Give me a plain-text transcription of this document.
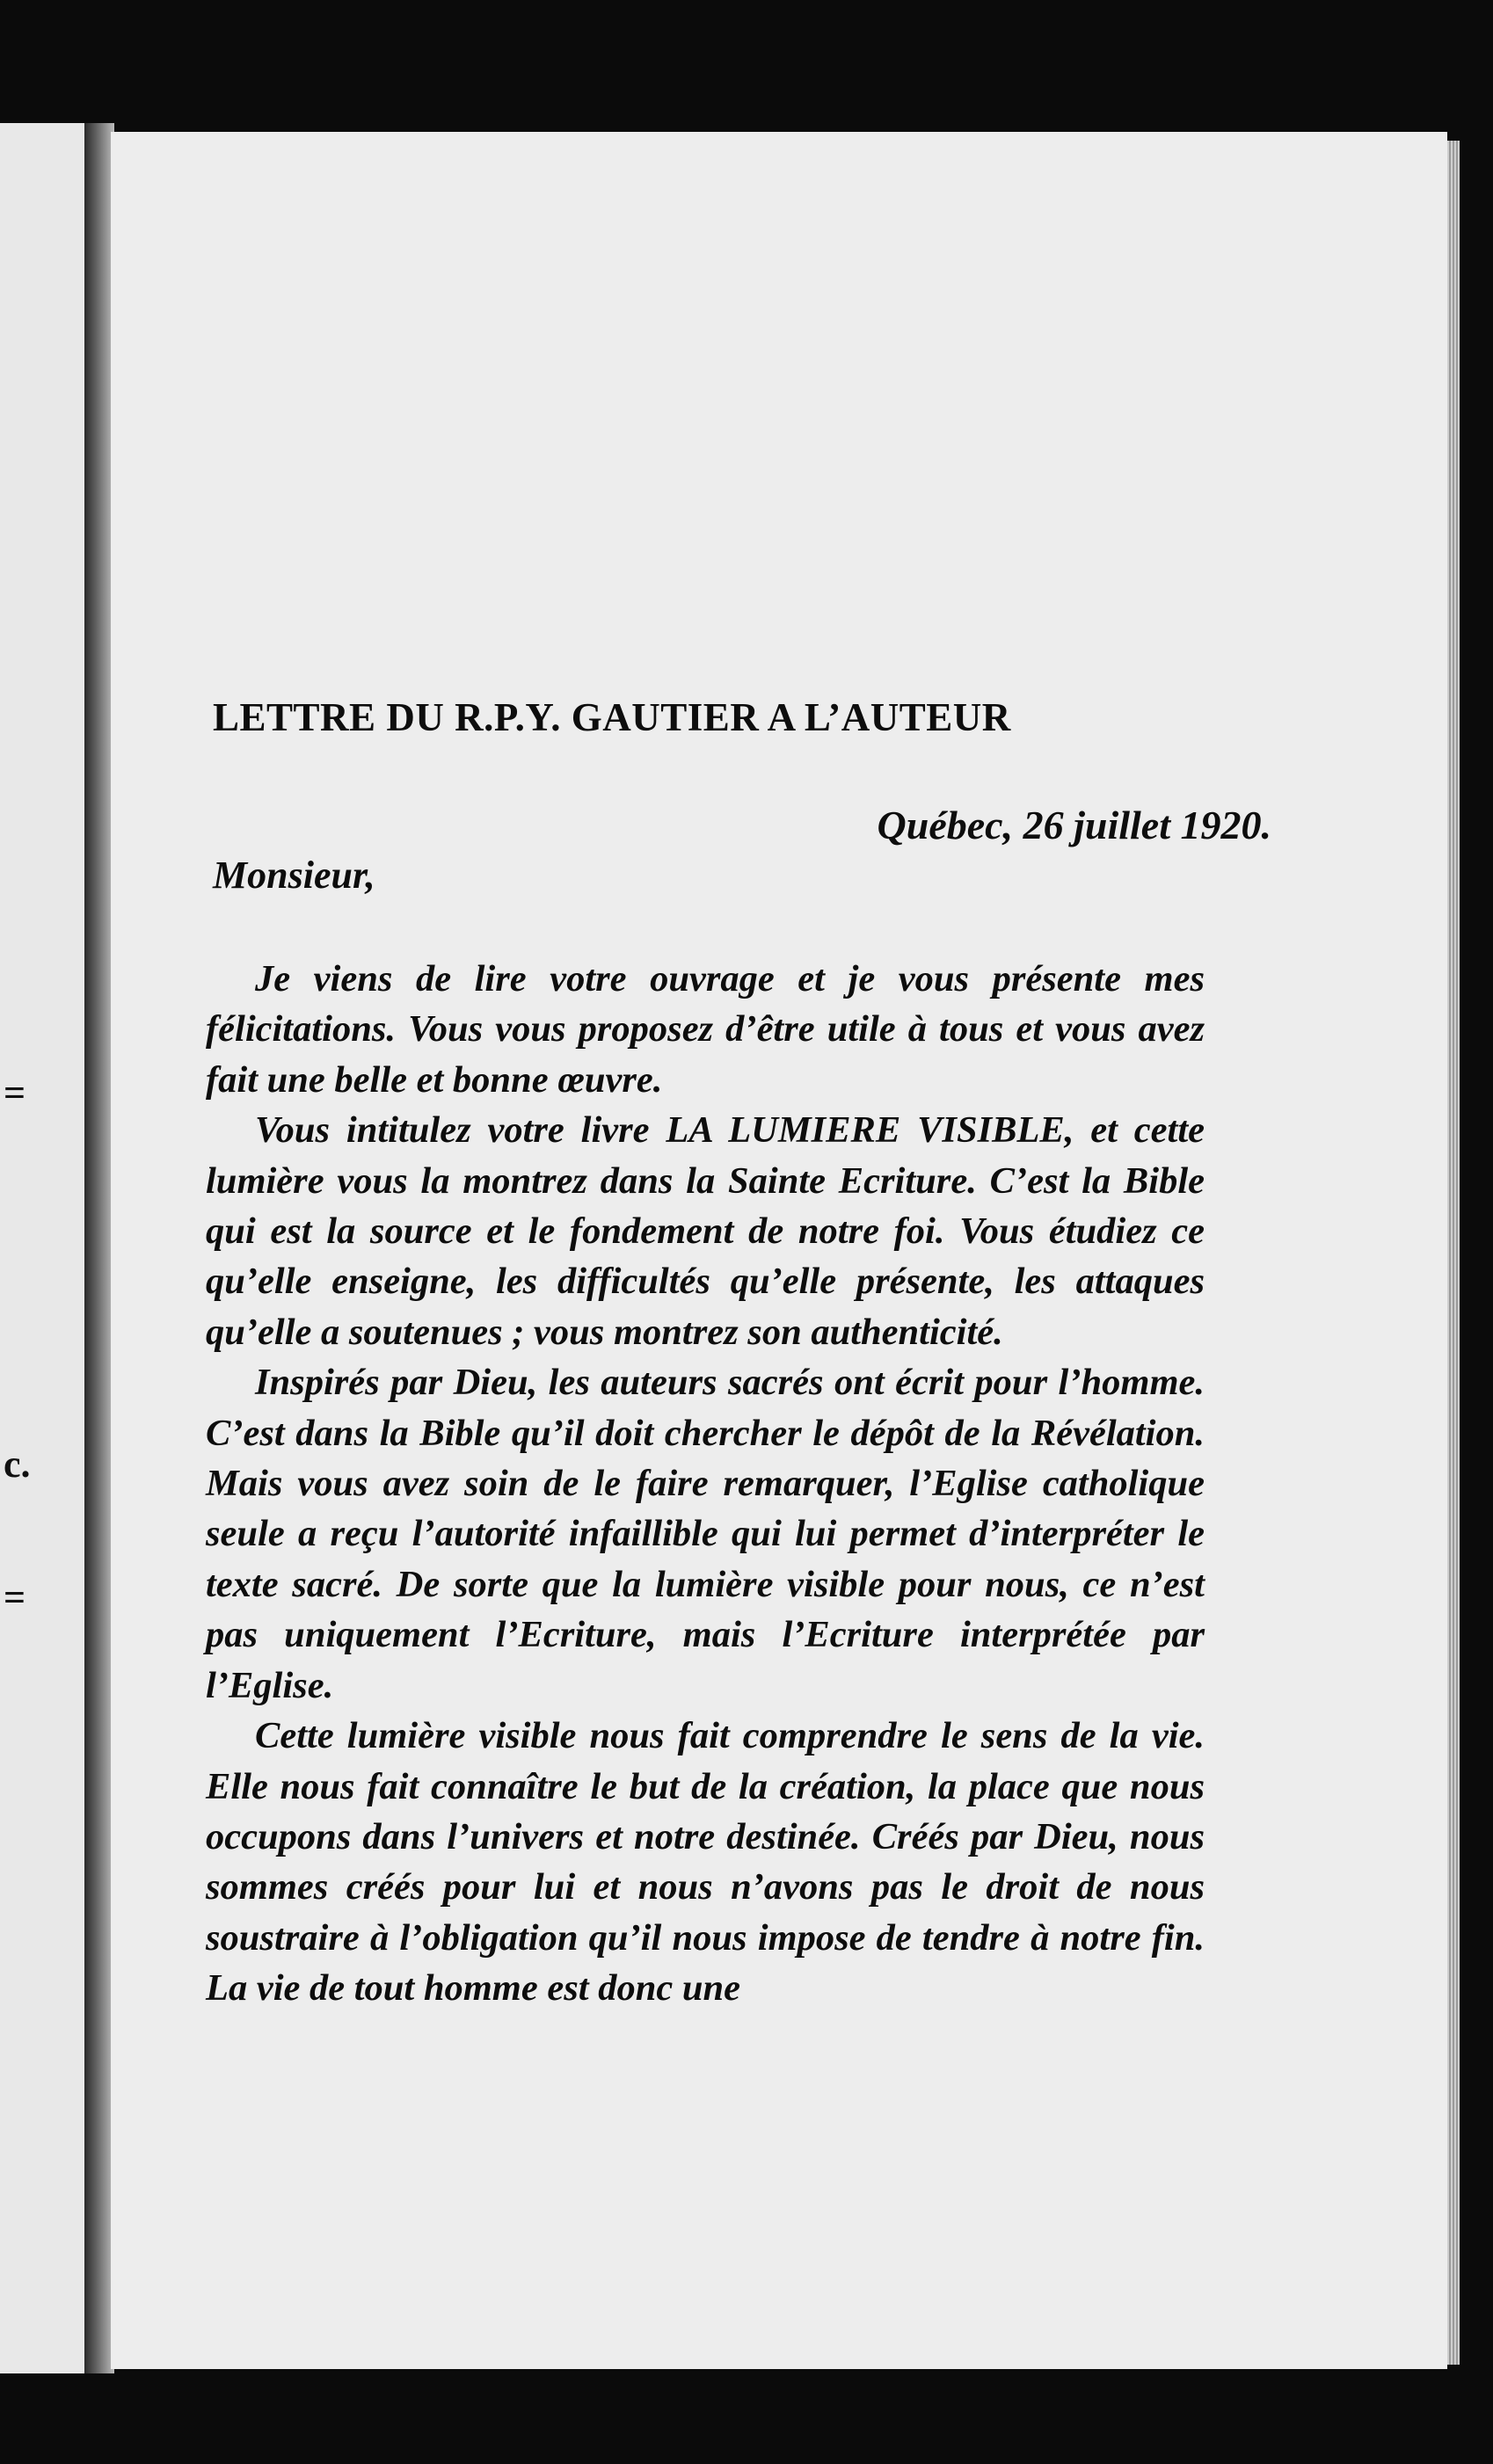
=
c.
=
LETTRE DU R.P.Y. GAUTIER A L’AUTEUR
Québec, 26 juillet 1920.
Monsieur,

Je viens de lire votre ouvrage et je vous présente mes félicitations. Vous vous proposez d’être utile à tous et vous avez fait une belle et bonne œuvre.

Vous intitulez votre livre LA LUMIERE VISIBLE, et cette lumière vous la montrez dans la Sainte Ecriture. C’est la Bible qui est la source et le fondement de notre foi. Vous étudiez ce qu’elle enseigne, les difficultés qu’elle présente, les attaques qu’elle a soutenues ; vous montrez son authenticité.

Inspirés par Dieu, les auteurs sacrés ont écrit pour l’homme. C’est dans la Bible qu’il doit chercher le dépôt de la Révélation. Mais vous avez soin de le faire remarquer, l’Eglise catholique seule a reçu l’autorité infaillible qui lui permet d’interpréter le texte sacré. De sorte que la lumière visible pour nous, ce n’est pas uniquement l’Ecriture, mais l’Ecriture interprétée par l’Eglise.

Cette lumière visible nous fait comprendre le sens de la vie. Elle nous fait connaître le but de la création, la place que nous occupons dans l’univers et notre destinée. Créés par Dieu, nous sommes créés pour lui et nous n’avons pas le droit de nous soustraire à l’obligation qu’il nous impose de tendre à notre fin. La vie de tout homme est donc une
